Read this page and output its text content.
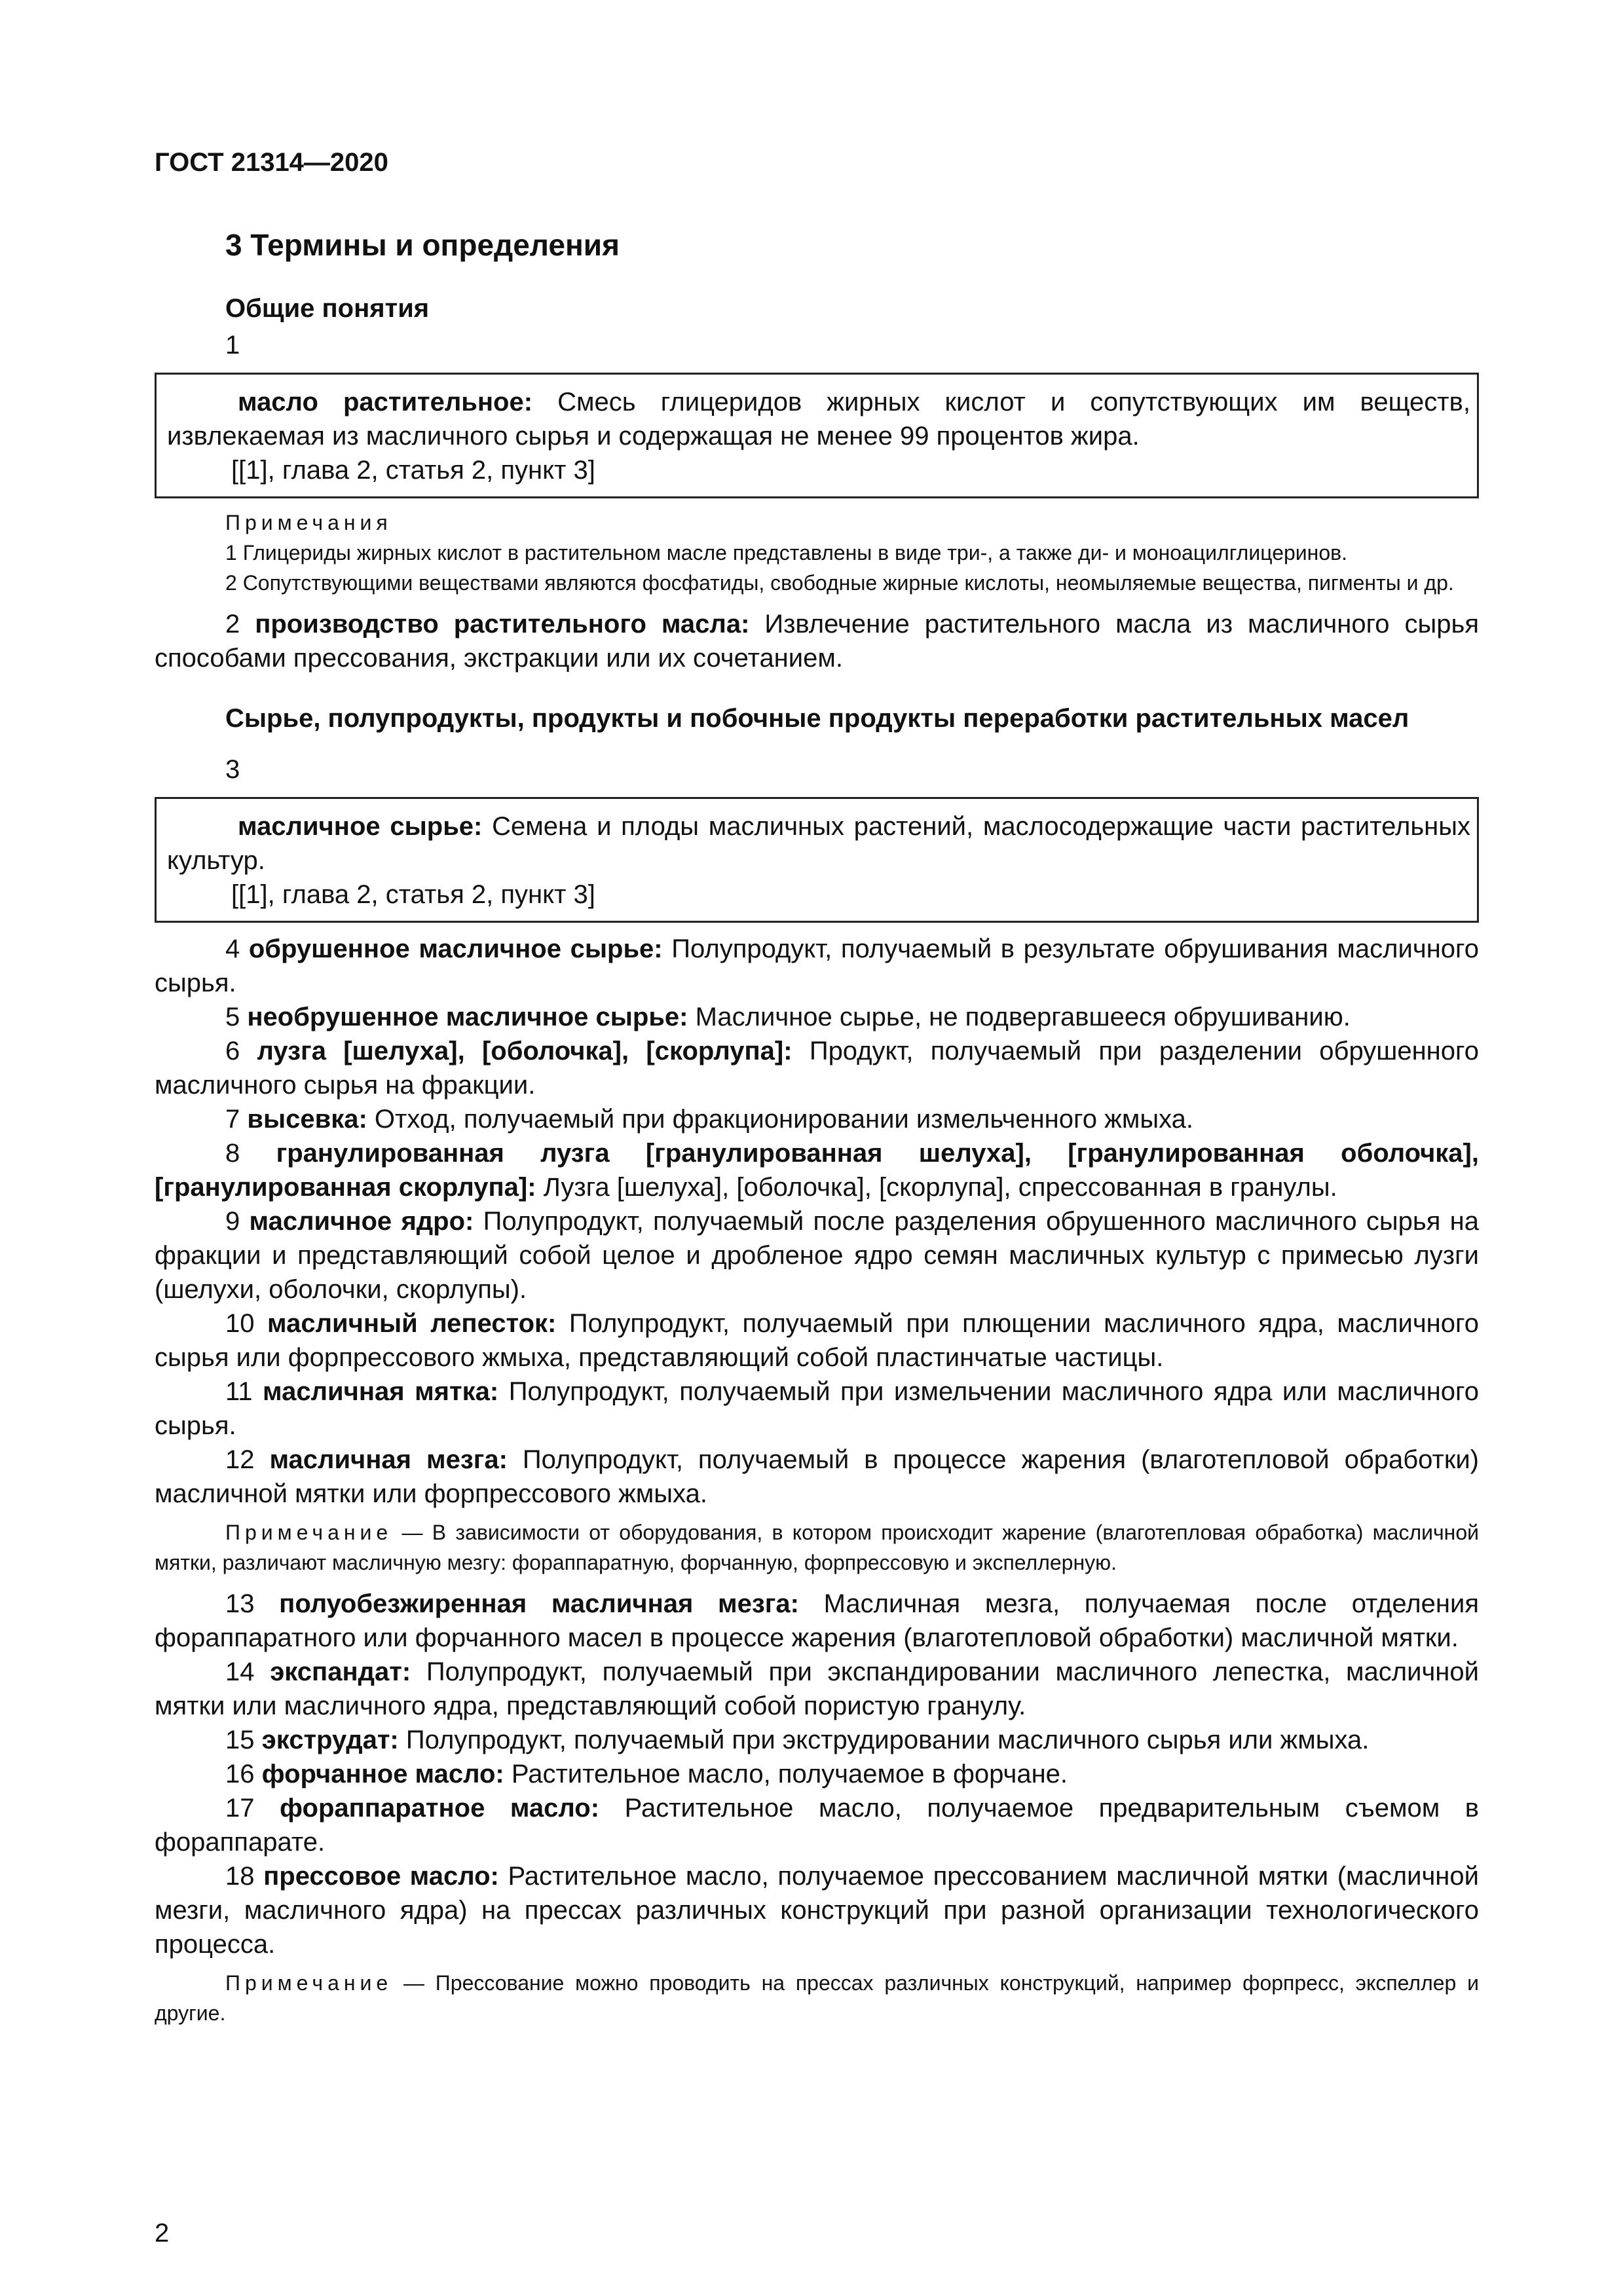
ГОСТ 21314—2020
3 Термины и определения
Общие понятия
1
масло растительное: Смесь глицеридов жирных кислот и сопутствующих им веществ, извлекаемая из масличного сырья и содержащая не менее 99 процентов жира.
[[1], глава 2, статья 2, пункт 3]
Примечания
1 Глицериды жирных кислот в растительном масле представлены в виде три-, а также ди- и моноацилглицеринов.
2 Сопутствующими веществами являются фосфатиды, свободные жирные кислоты, неомыляемые вещества, пигменты и др.
2 производство растительного масла: Извлечение растительного масла из масличного сырья способами прессования, экстракции или их сочетанием.
Сырье, полупродукты, продукты и побочные продукты переработки растительных масел
3
масличное сырье: Семена и плоды масличных растений, маслосодержащие части растительных культур.
[[1], глава 2, статья 2, пункт 3]
4 обрушенное масличное сырье: Полупродукт, получаемый в результате обрушивания масличного сырья.
5 необрушенное масличное сырье: Масличное сырье, не подвергавшееся обрушиванию.
6 лузга [шелуха], [оболочка], [скорлупа]: Продукт, получаемый при разделении обрушенного масличного сырья на фракции.
7 высевка: Отход, получаемый при фракционировании измельченного жмыха.
8 гранулированная лузга [гранулированная шелуха], [гранулированная оболочка], [гранулированная скорлупа]: Лузга [шелуха], [оболочка], [скорлупа], спрессованная в гранулы.
9 масличное ядро: Полупродукт, получаемый после разделения обрушенного масличного сырья на фракции и представляющий собой целое и дробленое ядро семян масличных культур с примесью лузги (шелухи, оболочки, скорлупы).
10 масличный лепесток: Полупродукт, получаемый при плющении масличного ядра, масличного сырья или форпрессового жмыха, представляющий собой пластинчатые частицы.
11 масличная мятка: Полупродукт, получаемый при измельчении масличного ядра или масличного сырья.
12 масличная мезга: Полупродукт, получаемый в процессе жарения (влаготепловой обработки) масличной мятки или форпрессового жмыха.
Примечание — В зависимости от оборудования, в котором происходит жарение (влаготепловая обработка) масличной мятки, различают масличную мезгу: фораппаратную, форчанную, форпрессовую и экспеллерную.
13 полуобезжиренная масличная мезга: Масличная мезга, получаемая после отделения фораппаратного или форчанного масел в процессе жарения (влаготепловой обработки) масличной мятки.
14 экспандат: Полупродукт, получаемый при экспандировании масличного лепестка, масличной мятки или масличного ядра, представляющий собой пористую гранулу.
15 экструдат: Полупродукт, получаемый при экструдировании масличного сырья или жмыха.
16 форчанное масло: Растительное масло, получаемое в форчане.
17 фораппаратное масло: Растительное масло, получаемое предварительным съемом в фораппарате.
18 прессовое масло: Растительное масло, получаемое прессованием масличной мятки (масличной мезги, масличного ядра) на прессах различных конструкций при разной организации технологического процесса.
Примечание — Прессование можно проводить на прессах различных конструкций, например форпресс, экспеллер и другие.
2
